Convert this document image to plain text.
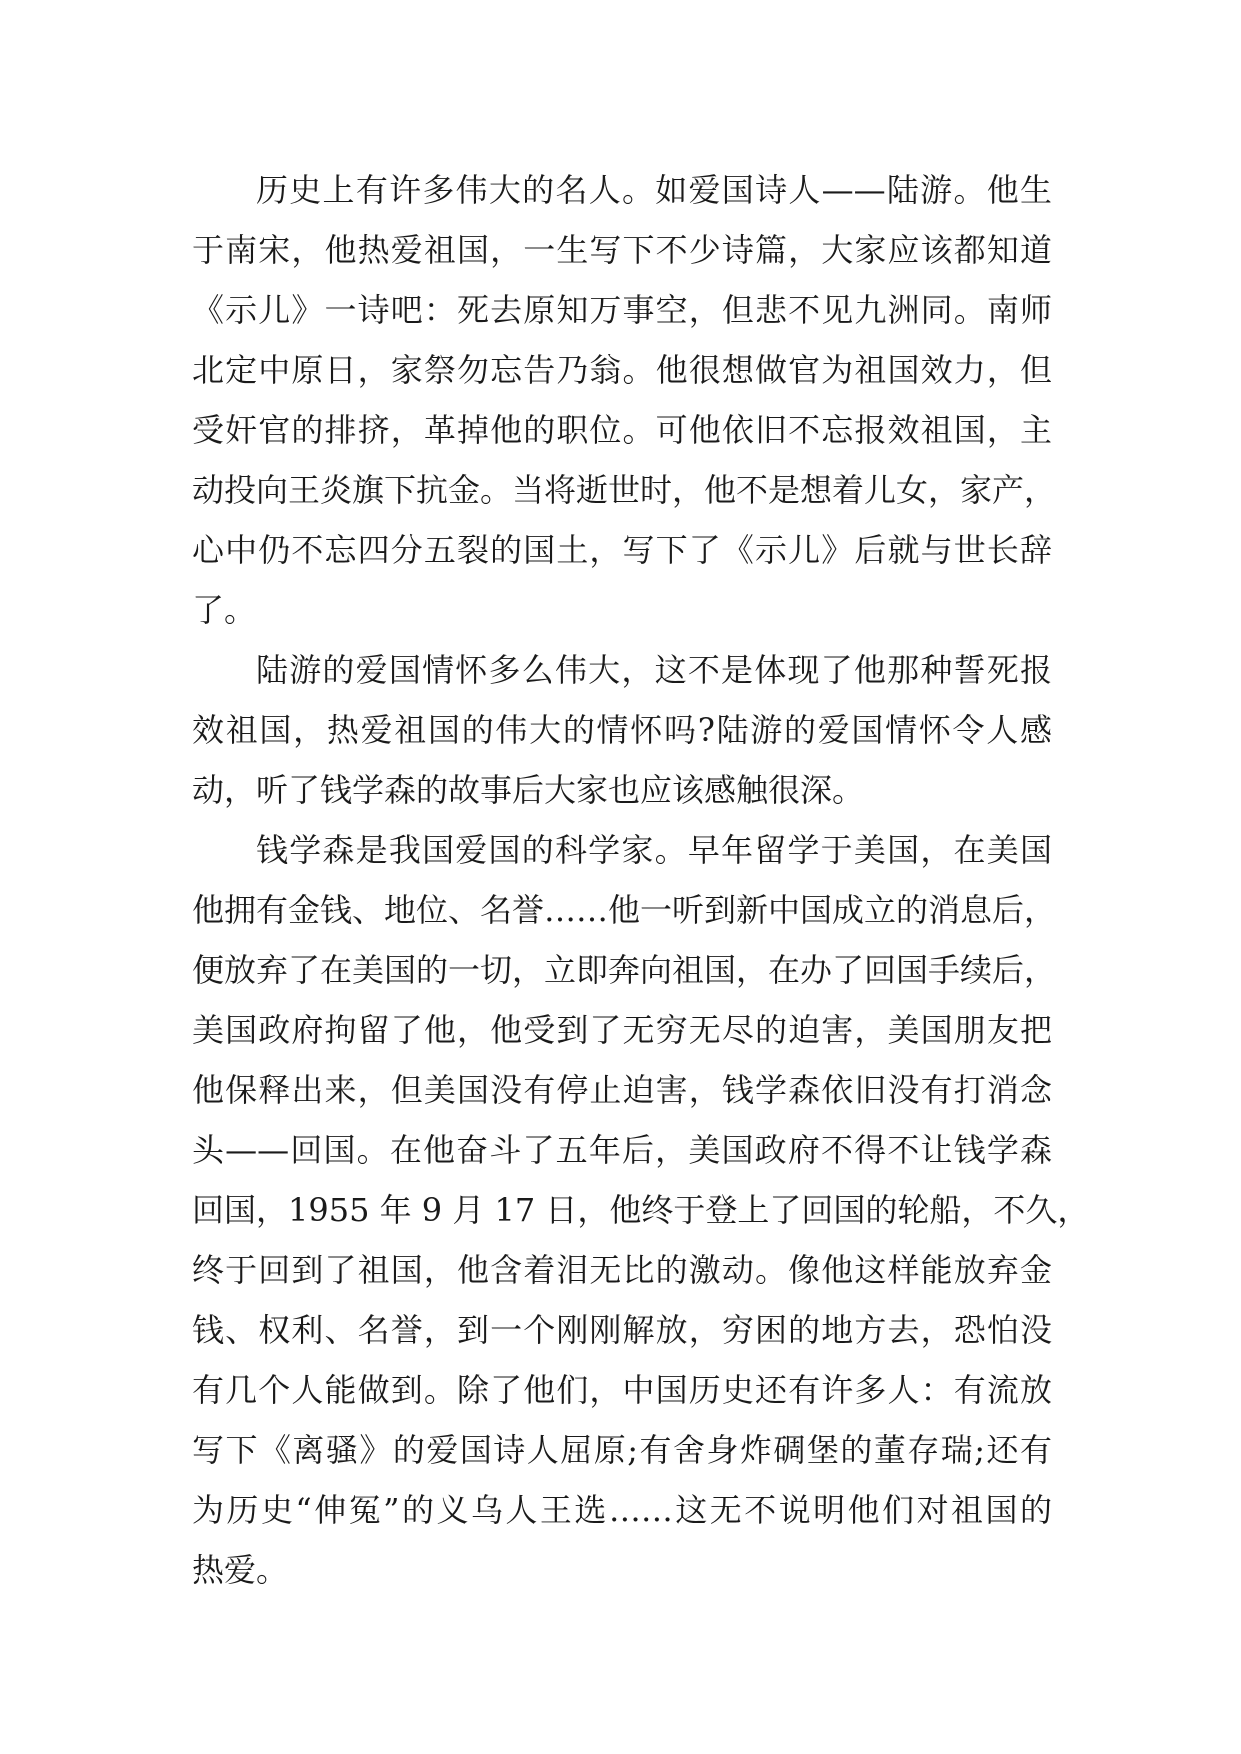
历史上有许多伟大的名人。如爱国诗人——陆游。他生
于南宋，他热爱祖国，一生写下不少诗篇，大家应该都知道
《示儿》一诗吧：死去原知万事空，但悲不见九洲同。南师
北定中原日，家祭勿忘告乃翁。他很想做官为祖国效力，但
受奸官的排挤，革掉他的职位。可他依旧不忘报效祖国，主
动投向王炎旗下抗金。当将逝世时，他不是想着儿女，家产，
心中仍不忘四分五裂的国土，写下了《示儿》后就与世长辞
了。
陆游的爱国情怀多么伟大，这不是体现了他那种誓死报
效祖国，热爱祖国的伟大的情怀吗?陆游的爱国情怀令人感
动，听了钱学森的故事后大家也应该感触很深。
钱学森是我国爱国的科学家。早年留学于美国，在美国
他拥有金钱、地位、名誉……他一听到新中国成立的消息后，
便放弃了在美国的一切，立即奔向祖国，在办了回国手续后，
美国政府拘留了他，他受到了无穷无尽的迫害，美国朋友把
他保释出来，但美国没有停止迫害，钱学森依旧没有打消念
头——回国。在他奋斗了五年后，美国政府不得不让钱学森
回国，1955 年 9 月 17 日，他终于登上了回国的轮船，不久，
终于回到了祖国，他含着泪无比的激动。像他这样能放弃金
钱、权利、名誉，到一个刚刚解放，穷困的地方去，恐怕没
有几个人能做到。除了他们，中国历史还有许多人：有流放
写下《离骚》的爱国诗人屈原;有舍身炸碉堡的董存瑞;还有
为历史“伸冤”的义乌人王选……这无不说明他们对祖国的
热爱。
